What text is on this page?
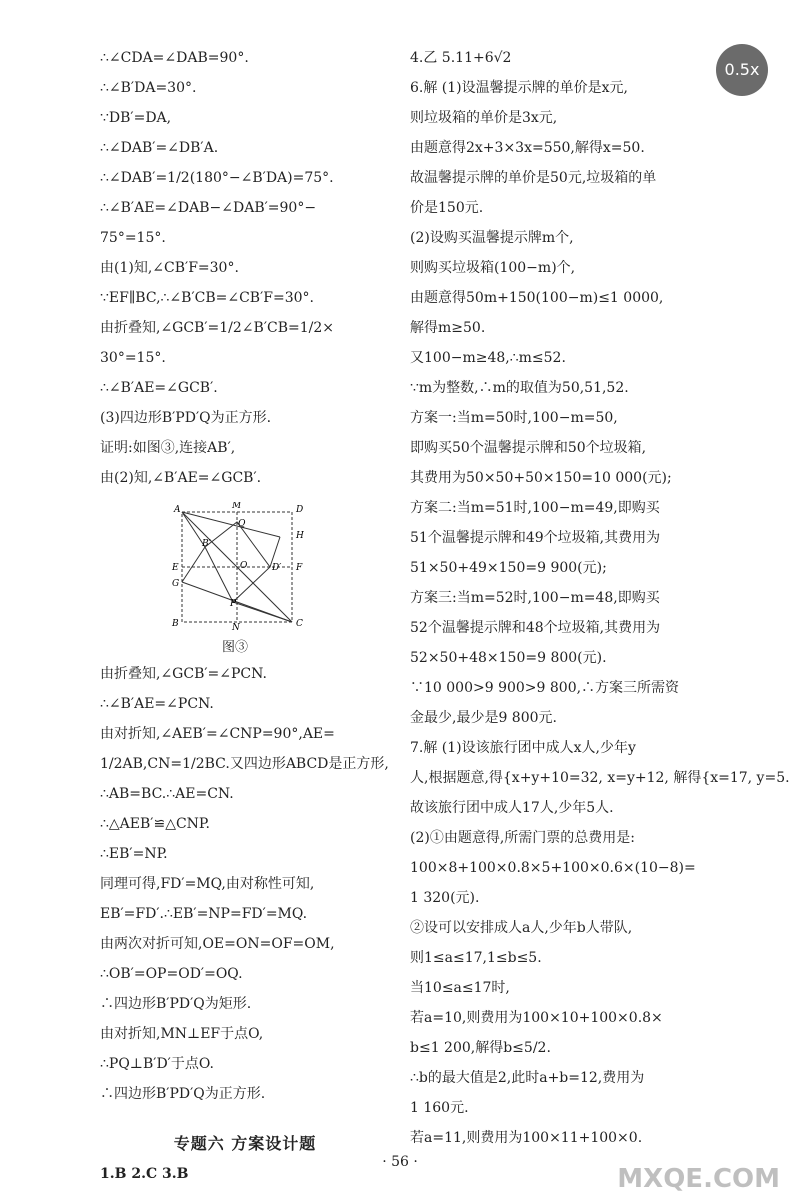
∴∠CDA=∠DAB=90°.
∴∠B′DA=30°.
∵DB′=DA,
∴∠DAB′=∠DB′A.
∴∠DAB′=1/2(180°−∠B′DA)=75°.
∴∠B′AE=∠DAB−∠DAB′=90°−
75°=15°.
由(1)知,∠CB′F=30°.
∵EF∥BC,∴∠B′CB=∠CB′F=30°.
由折叠知,∠GCB′=1/2∠B′CB=1/2×
30°=15°.
∴∠B′AE=∠GCB′.
(3)四边形B′PD′Q为正方形.
证明:如图③,连接AB′,
由(2)知,∠B′AE=∠GCB′.
A	M	D
Q
H
B′
E	O	D′ F
G
P
B	N	C
图③
由折叠知,∠GCB′=∠PCN.
∴∠B′AE=∠PCN.
由对折知,∠AEB′=∠CNP=90°,AE=
1/2AB,CN=1/2BC.又四边形ABCD是正方形,
∴AB=BC.∴AE=CN.
∴△AEB′≌△CNP.
∴EB′=NP.
同理可得,FD′=MQ,由对称性可知,
EB′=FD′.∴EB′=NP=FD′=MQ.
由两次对折可知,OE=ON=OF=OM,
∴OB′=OP=OD′=OQ.
∴四边形B′PD′Q为矩形.
由对折知,MN⊥EF于点O,
∴PQ⊥B′D′于点O.
∴四边形B′PD′Q为正方形.
专题六 方案设计题
1.B 2.C 3.B
4.乙 5.11+6√2
6.解 (1)设温馨提示牌的单价是x元,
则垃圾箱的单价是3x元,
由题意得2x+3×3x=550,解得x=50.
故温馨提示牌的单价是50元,垃圾箱的单
价是150元.
(2)设购买温馨提示牌m个,
则购买垃圾箱(100−m)个,
由题意得50m+150(100−m)≤1 0000,
解得m≥50.
又100−m≥48,∴m≤52.
∵m为整数,∴m的取值为50,51,52.
方案一:当m=50时,100−m=50,
即购买50个温馨提示牌和50个垃圾箱,
其费用为50×50+50×150=10 000(元);
方案二:当m=51时,100−m=49,即购买
51个温馨提示牌和49个垃圾箱,其费用为
51×50+49×150=9 900(元);
方案三:当m=52时,100−m=48,即购买
52个温馨提示牌和48个垃圾箱,其费用为
52×50+48×150=9 800(元).
∵10 000>9 900>9 800,∴方案三所需资
金最少,最少是9 800元.
7.解 (1)设该旅行团中成人x人,少年y
人,根据题意,得{x+y+10=32, x=y+12, 解得{x=17, y=5.
故该旅行团中成人17人,少年5人.
(2)①由题意得,所需门票的总费用是:
100×8+100×0.8×5+100×0.6×(10−8)=
1 320(元).
②设可以安排成人a人,少年b人带队,
则1≤a≤17,1≤b≤5.
当10≤a≤17时,
若a=10,则费用为100×10+100×0.8×
b≤1 200,解得b≤5/2.
∴b的最大值是2,此时a+b=12,费用为
1 160元.
若a=11,则费用为100×11+100×0.
0.5x
· 56 ·
MXQE.COM
